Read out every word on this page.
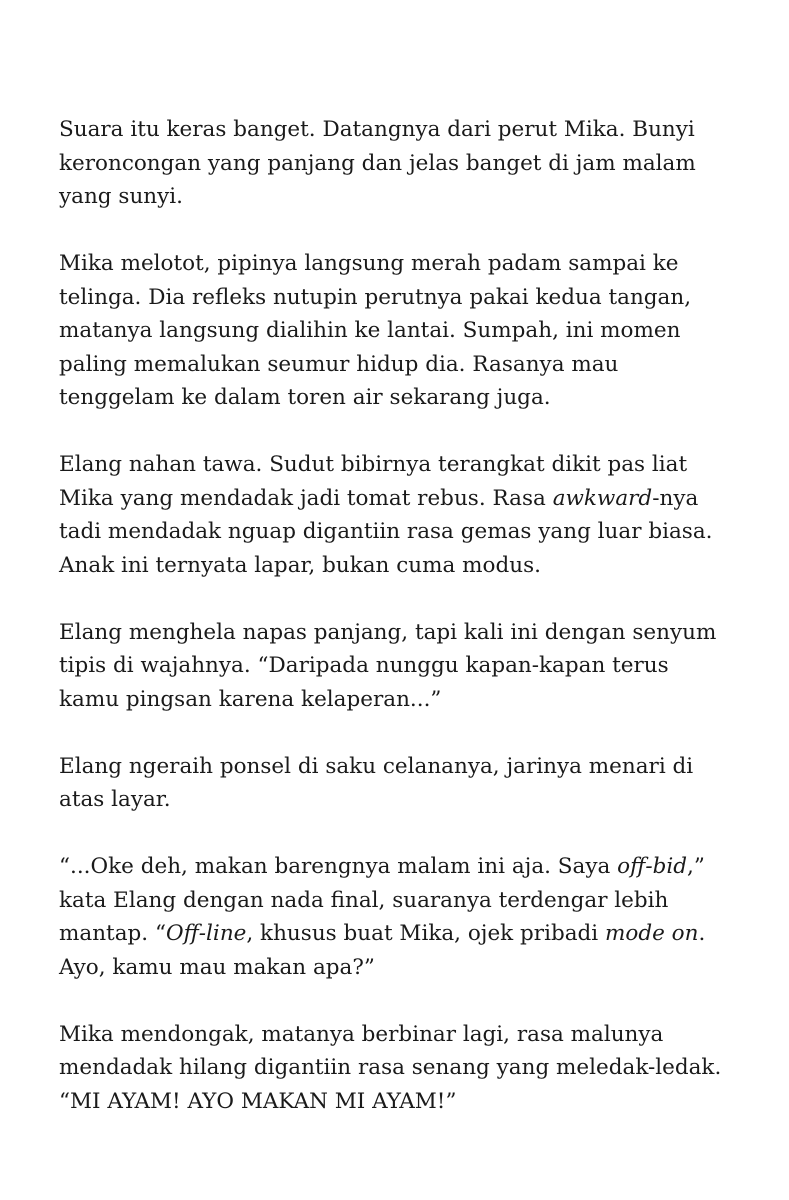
Suara itu keras banget. Datangnya dari perut Mika. Bunyi
keroncongan yang panjang dan jelas banget di jam malam
yang sunyi.

Mika melotot, pipinya langsung merah padam sampai ke
telinga. Dia refleks nutupin perutnya pakai kedua tangan,
matanya langsung dialihin ke lantai. Sumpah, ini momen
paling memalukan seumur hidup dia. Rasanya mau
tenggelam ke dalam toren air sekarang juga.

Elang nahan tawa. Sudut bibirnya terangkat dikit pas liat
Mika yang mendadak jadi tomat rebus. Rasa awkward-nya
tadi mendadak nguap digantiin rasa gemas yang luar biasa.
Anak ini ternyata lapar, bukan cuma modus.

Elang menghela napas panjang, tapi kali ini dengan senyum
tipis di wajahnya. “Daripada nunggu kapan-kapan terus
kamu pingsan karena kelaperan...”

Elang ngeraih ponsel di saku celananya, jarinya menari di
atas layar.

“...Oke deh, makan barengnya malam ini aja. Saya off-bid,”
kata Elang dengan nada final, suaranya terdengar lebih
mantap. “Off-line, khusus buat Mika, ojek pribadi mode on.
Ayo, kamu mau makan apa?”

Mika mendongak, matanya berbinar lagi, rasa malunya
mendadak hilang digantiin rasa senang yang meledak-ledak.
“MI AYAM! AYO MAKAN MI AYAM!”
